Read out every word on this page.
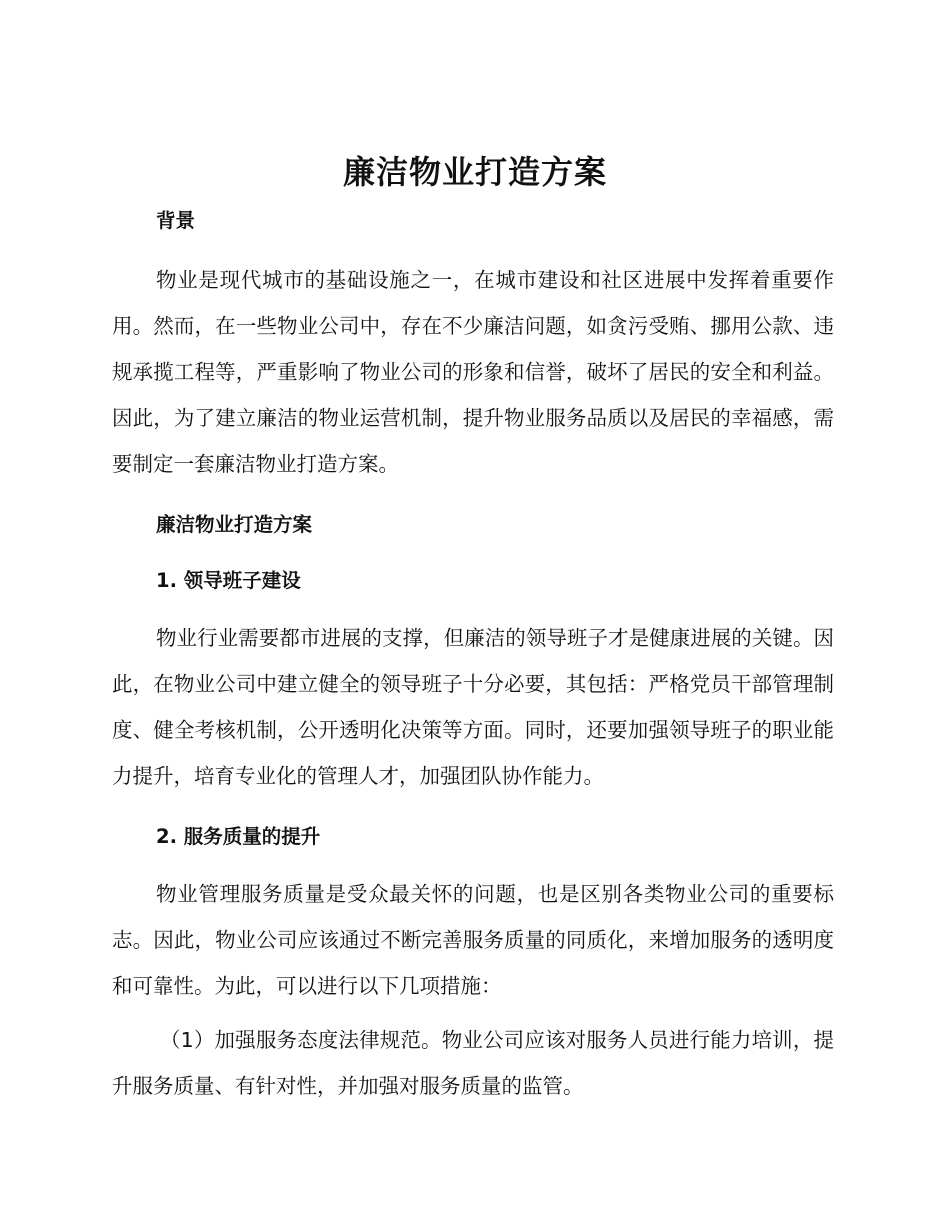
廉洁物业打造方案

背景

物业是现代城市的基础设施之一，在城市建设和社区进展中发挥着重要作用。然而，在一些物业公司中，存在不少廉洁问题，如贪污受贿、挪用公款、违规承揽工程等，严重影响了物业公司的形象和信誉，破坏了居民的安全和利益。因此，为了建立廉洁的物业运营机制，提升物业服务品质以及居民的幸福感，需要制定一套廉洁物业打造方案。

廉洁物业打造方案

1. 领导班子建设

物业行业需要都市进展的支撑，但廉洁的领导班子才是健康进展的关键。因此，在物业公司中建立健全的领导班子十分必要，其包括：严格党员干部管理制度、健全考核机制，公开透明化决策等方面。同时，还要加强领导班子的职业能力提升，培育专业化的管理人才，加强团队协作能力。

2. 服务质量的提升

物业管理服务质量是受众最关怀的问题，也是区别各类物业公司的重要标志。因此，物业公司应该通过不断完善服务质量的同质化，来增加服务的透明度和可靠性。为此，可以进行以下几项措施：

（1）加强服务态度法律规范。物业公司应该对服务人员进行能力培训，提升服务质量、有针对性，并加强对服务质量的监管。
